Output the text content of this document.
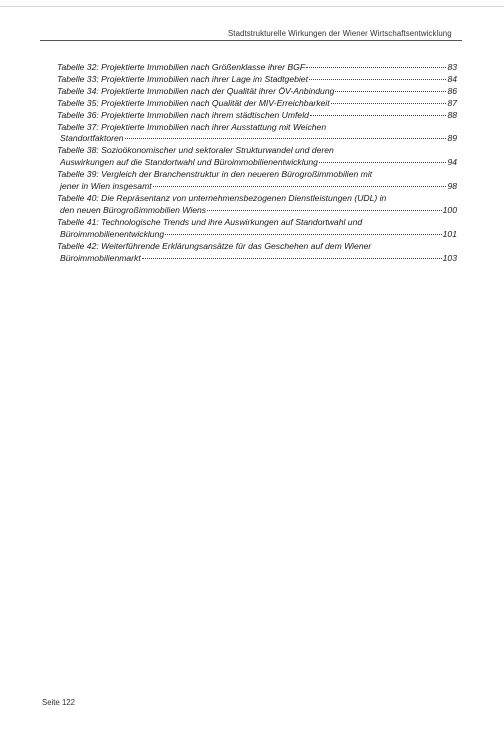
Stadtstrukturelle Wirkungen der Wiener Wirtschaftsentwicklung
Tabelle 32: Projektierte Immobilien nach Größenklasse ihrer BGF	83
Tabelle 33: Projektierte Immobilien nach ihrer Lage im Stadtgebiet	84
Tabelle 34: Projektierte Immobilien nach der Qualität ihrer ÖV-Anbindung	86
Tabelle 35: Projektierte Immobilien nach Qualität der MIV-Erreichbarkeit	87
Tabelle 36: Projektierte Immobilien nach ihrem städtischen Umfeld	88
Tabelle 37: Projektierte Immobilien nach ihrer Ausstattung mit Weichen
Standortfaktoren	89
Tabelle 38: Sozioökonomischer und sektoraler Strukturwandel und deren
Auswirkungen auf die Standortwahl und Büroimmobilienentwicklung	94
Tabelle 39: Vergleich der Branchenstruktur in den neueren Bürogroßimmobilien mit
jener in Wien insgesamt	98
Tabelle 40: Die Repräsentanz von unternehmensbezogenen Dienstleistungen (UDL) in
den neuen Bürogroßimmobilien Wiens	100
Tabelle 41: Technologische Trends und ihre Auswirkungen auf Standortwahl und
Büroimmobilienentwicklung	101
Tabelle 42: Weiterführende Erklärungsansätze für das Geschehen auf dem Wiener
Büroimmobilienmarkt	103
Seite 122
